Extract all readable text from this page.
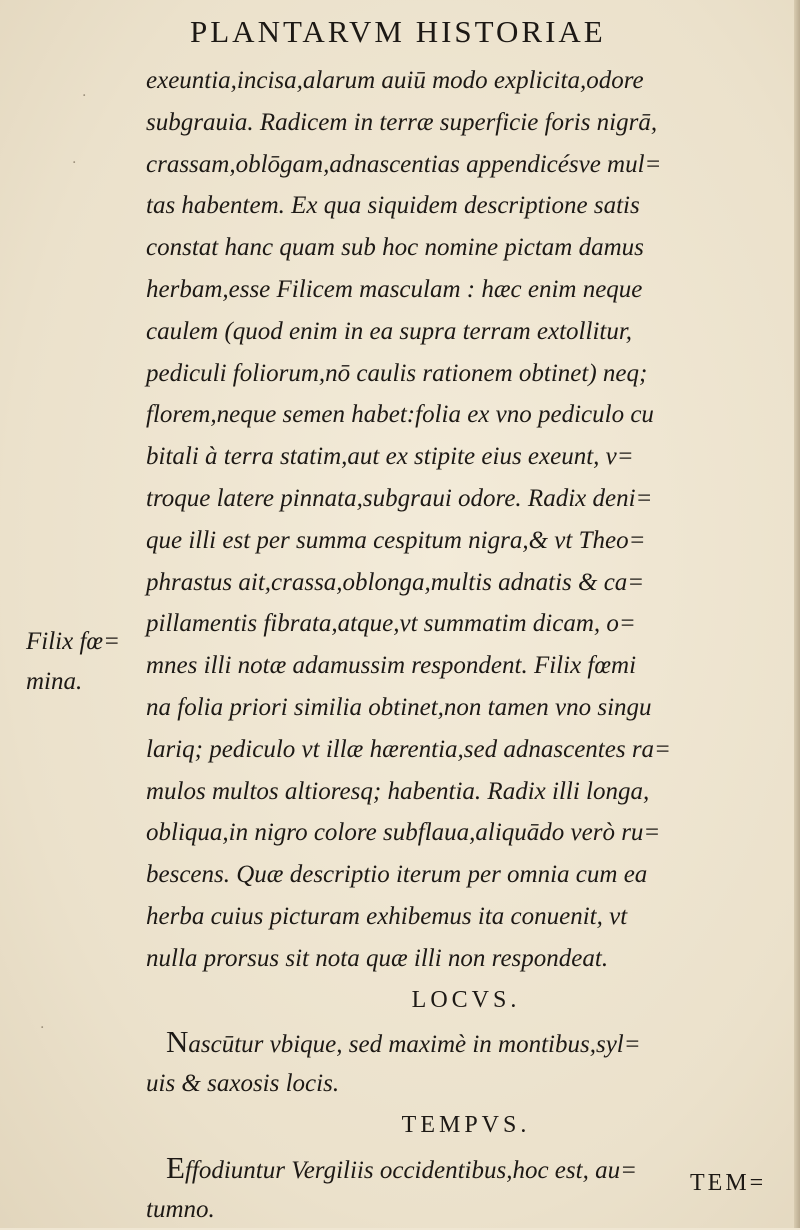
PLANTARVM HISTORIAE
Filix fœ=
mina.
·
·
·
exeuntia,incisa,alarum auiū modo explicita,odore
subgrauia. Radicem in terræ superficie foris nigrā,
crassam,oblōgam,adnascentias appendicésve mul=
tas habentem. Ex qua siquidem descriptione satis
constat hanc quam sub hoc nomine pictam damus
herbam,esse Filicem masculam : hæc enim neque
caulem (quod enim in ea supra terram extollitur,
pediculi foliorum,nō caulis rationem obtinet) neq;
florem,neque semen habet:folia ex vno pediculo cu
bitali à terra statim,aut ex stipite eius exeunt, v=
troque latere pinnata,subgraui odore. Radix deni=
que illi est per summa cespitum nigra,& vt Theo=
phrastus ait,crassa,oblonga,multis adnatis & ca=
pillamentis fibrata,atque,vt summatim dicam, o=
mnes illi notæ adamussim respondent. Filix fœmi
na folia priori similia obtinet,non tamen vno singu
lariq; pediculo vt illæ hærentia,sed adnascentes ra=
mulos multos altioresq; habentia. Radix illi longa,
obliqua,in nigro colore subflaua,aliquādo verò ru=
bescens. Quæ descriptio iterum per omnia cum ea
herba cuius picturam exhibemus ita conuenit, vt
nulla prorsus sit nota quæ illi non respondeat.
LOCVS.
Nascūtur vbique, sed maximè in montibus,syl=
uis & saxosis locis.
TEMPVS.
Effodiuntur Vergiliis occidentibus,hoc est, au=
tumno.
TEM=
